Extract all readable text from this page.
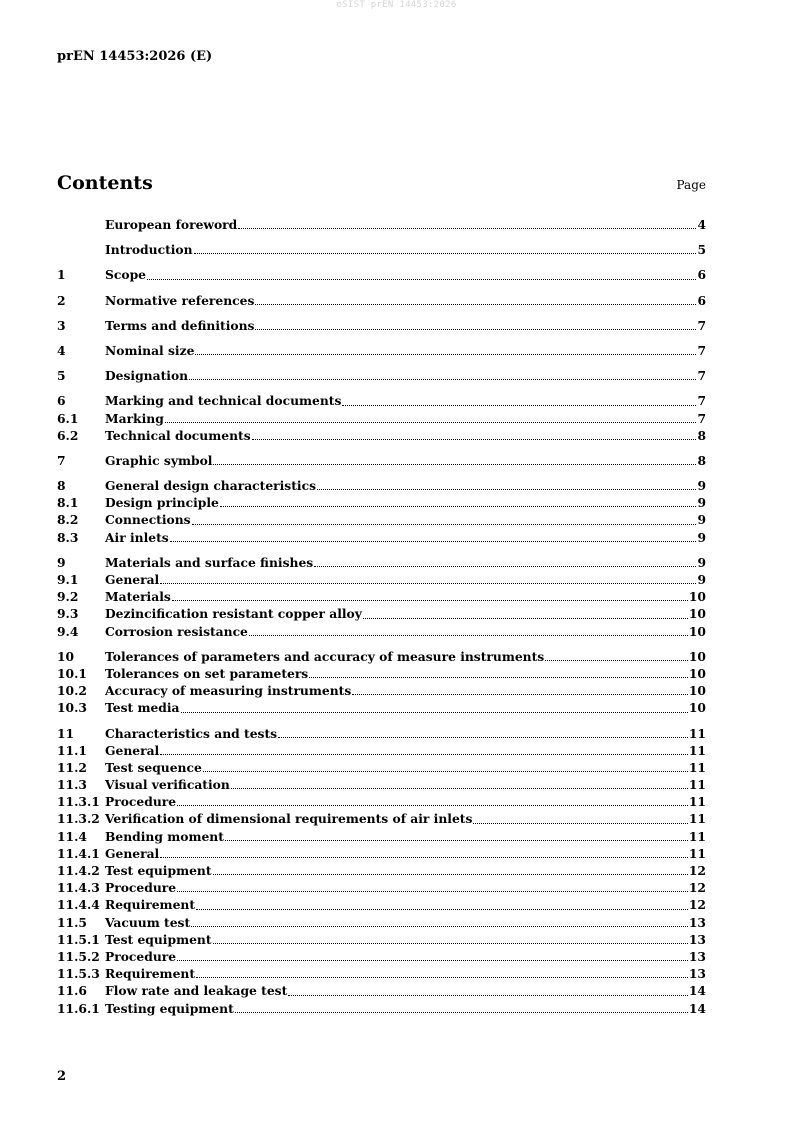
oSIST prEN 14453:2026
prEN 14453:2026 (E)
Contents	Page
European foreword	4
Introduction	5
1	Scope	6
2	Normative references	6
3	Terms and definitions	7
4	Nominal size	7
5	Designation	7
6	Marking and technical documents	7
6.1	Marking	7
6.2	Technical documents	8
7	Graphic symbol	8
8	General design characteristics	9
8.1	Design principle	9
8.2	Connections	9
8.3	Air inlets	9
9	Materials and surface finishes	9
9.1	General	9
9.2	Materials	10
9.3	Dezincification resistant copper alloy	10
9.4	Corrosion resistance	10
10	Tolerances of parameters and accuracy of measure instruments	10
10.1	Tolerances on set parameters	10
10.2	Accuracy of measuring instruments	10
10.3	Test media	10
11	Characteristics and tests	11
11.1	General	11
11.2	Test sequence	11
11.3	Visual verification	11
11.3.1 Procedure	11
11.3.2 Verification of dimensional requirements of air inlets	11
11.4	Bending moment	11
11.4.1 General	11
11.4.2 Test equipment	12
11.4.3 Procedure	12
11.4.4 Requirement	12
11.5	Vacuum test	13
11.5.1 Test equipment	13
11.5.2 Procedure	13
11.5.3 Requirement	13
11.6	Flow rate and leakage test	14
11.6.1 Testing equipment	14
2
